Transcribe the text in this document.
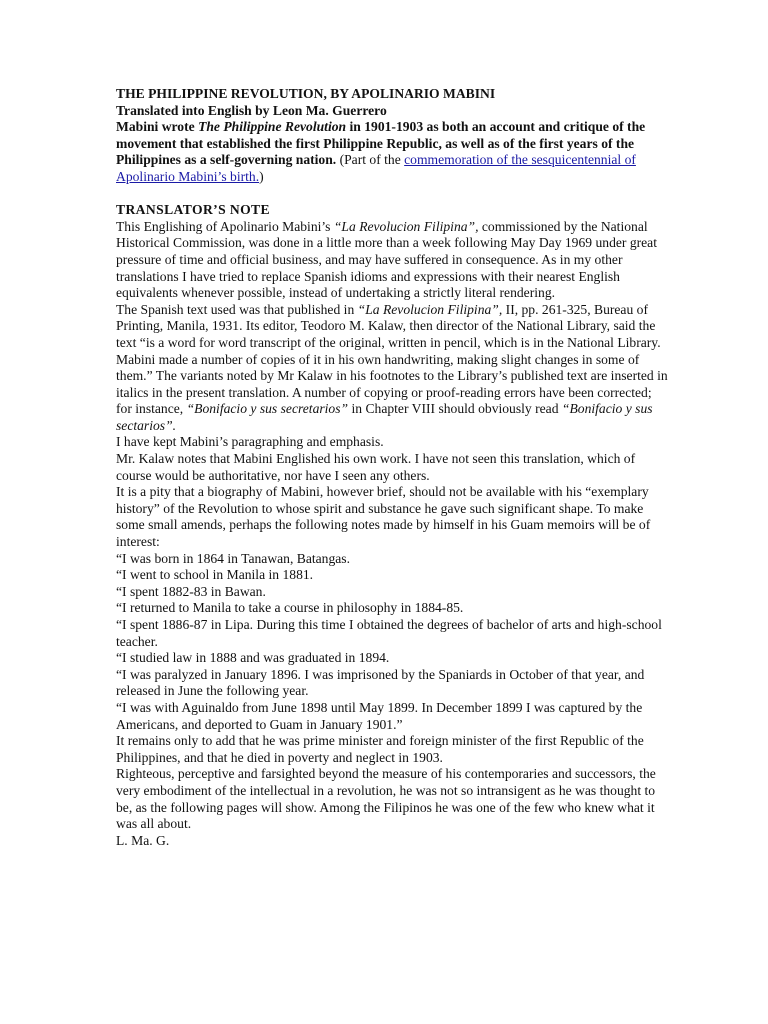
THE PHILIPPINE REVOLUTION, BY APOLINARIO MABINI

Translated into English by Leon Ma. Guerrero

Mabini wrote The Philippine Revolution in 1901-1903 as both an account and critique of the movement that established the first Philippine Republic, as well as of the first years of the Philippines as a self-governing nation. (Part of the commemoration of the sesquicentennial of Apolinario Mabini’s birth.)

TRANSLATOR’S NOTE

This Englishing of Apolinario Mabini’s “La Revolucion Filipina”, commissioned by the National Historical Commission, was done in a little more than a week following May Day 1969 under great pressure of time and official business, and may have suffered in consequence. As in my other translations I have tried to replace Spanish idioms and expressions with their nearest English equivalents whenever possible, instead of undertaking a strictly literal rendering.

The Spanish text used was that published in “La Revolucion Filipina”, II, pp. 261-325, Bureau of Printing, Manila, 1931. Its editor, Teodoro M. Kalaw, then director of the National Library, said the text “is a word for word transcript of the original, written in pencil, which is in the National Library. Mabini made a number of copies of it in his own handwriting, making slight changes in some of them.” The variants noted by Mr Kalaw in his footnotes to the Library’s published text are inserted in italics in the present translation. A number of copying or proof-reading errors have been corrected; for instance, “Bonifacio y sus secretarios” in Chapter VIII should obviously read “Bonifacio y sus sectarios”.

I have kept Mabini’s paragraphing and emphasis.

Mr. Kalaw notes that Mabini Englished his own work. I have not seen this translation, which of course would be authoritative, nor have I seen any others.

It is a pity that a biography of Mabini, however brief, should not be available with his “exemplary history” of the Revolution to whose spirit and substance he gave such significant shape. To make some small amends, perhaps the following notes made by himself in his Guam memoirs will be of interest:

“I was born in 1864 in Tanawan, Batangas.

“I went to school in Manila in 1881.

“I spent 1882-83 in Bawan.

“I returned to Manila to take a course in philosophy in 1884-85.

“I spent 1886-87 in Lipa. During this time I obtained the degrees of bachelor of arts and high-school teacher.

“I studied law in 1888 and was graduated in 1894.

“I was paralyzed in January 1896. I was imprisoned by the Spaniards in October of that year, and released in June the following year.

“I was with Aguinaldo from June 1898 until May 1899. In December 1899 I was captured by the Americans, and deported to Guam in January 1901.”

It remains only to add that he was prime minister and foreign minister of the first Republic of the Philippines, and that he died in poverty and neglect in 1903.

Righteous, perceptive and farsighted beyond the measure of his contemporaries and successors, the very embodiment of the intellectual in a revolution, he was not so intransigent as he was thought to be, as the following pages will show. Among the Filipinos he was one of the few who knew what it was all about.

L. Ma. G.
